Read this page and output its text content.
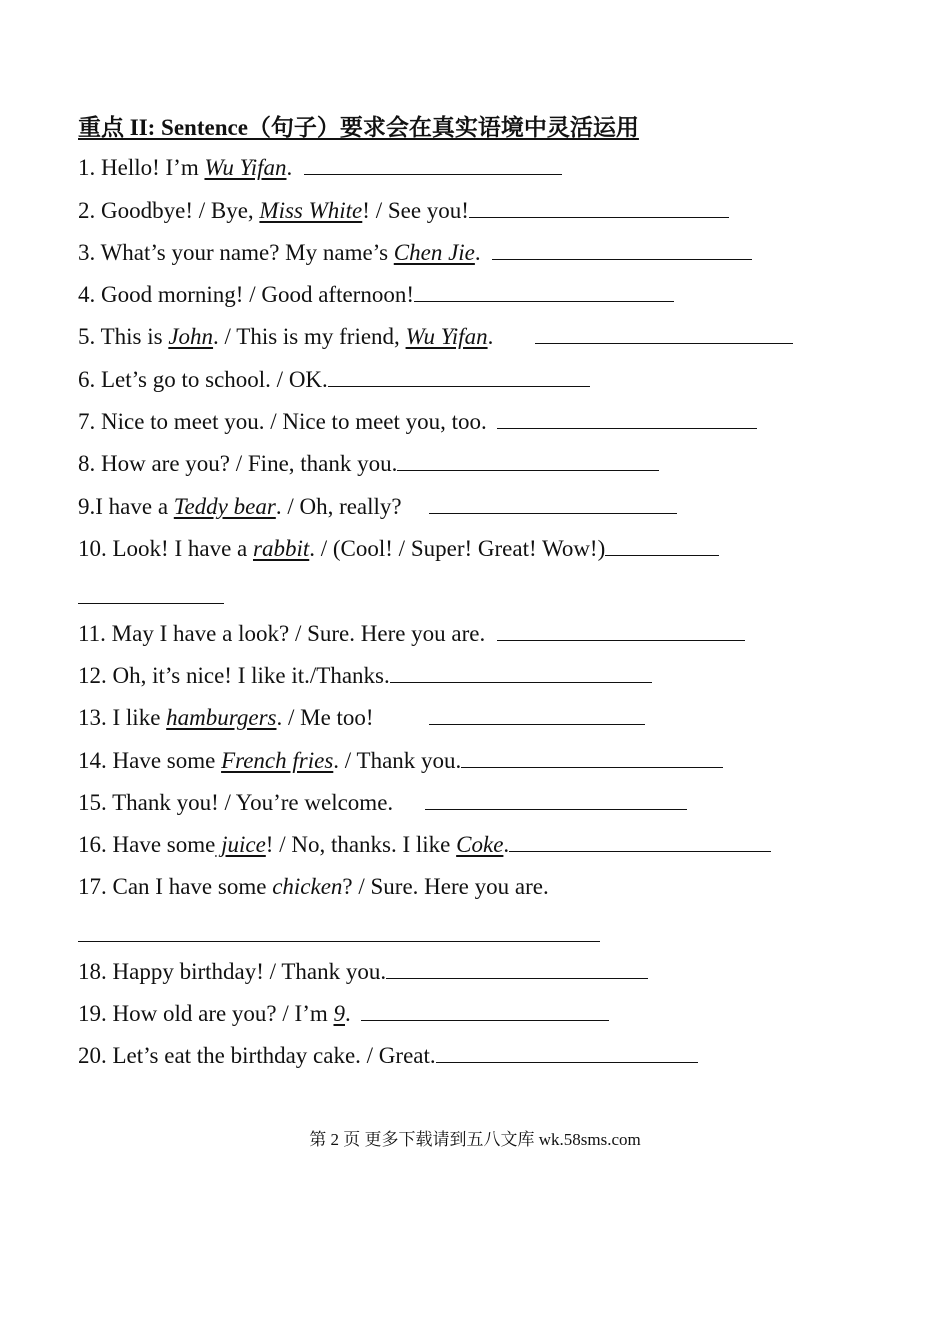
重点 II: Sentence（句子）要求会在真实语境中灵活运用
1. Hello! I’m Wu Yifan.
2. Goodbye! / Bye, Miss White! / See you!
3. What’s your name? My name’s Chen Jie.
4. Good morning! / Good afternoon!
5. This is John. / This is my friend, Wu Yifan.
6. Let’s go to school. / OK.
7. Nice to meet you. / Nice to meet you, too.
8. How are you? / Fine, thank you.
9.I have a Teddy bear. / Oh, really?
10. Look! I have a rabbit. / (Cool! / Super! Great! Wow!)
11. May I have a look? / Sure. Here you are.
12. Oh, it’s nice! I like it./Thanks.
13. I like hamburgers. / Me too!
14. Have some French fries. / Thank you.
15. Thank you! / You’re welcome.
16. Have some juice! / No, thanks. I like Coke.
17. Can I have some chicken? / Sure. Here you are.
18. Happy birthday! / Thank you.
19. How old are you? / I’m 9.
20. Let’s eat the birthday cake. / Great.
第 2 页 更多下载请到五八文库 wk.58sms.com
